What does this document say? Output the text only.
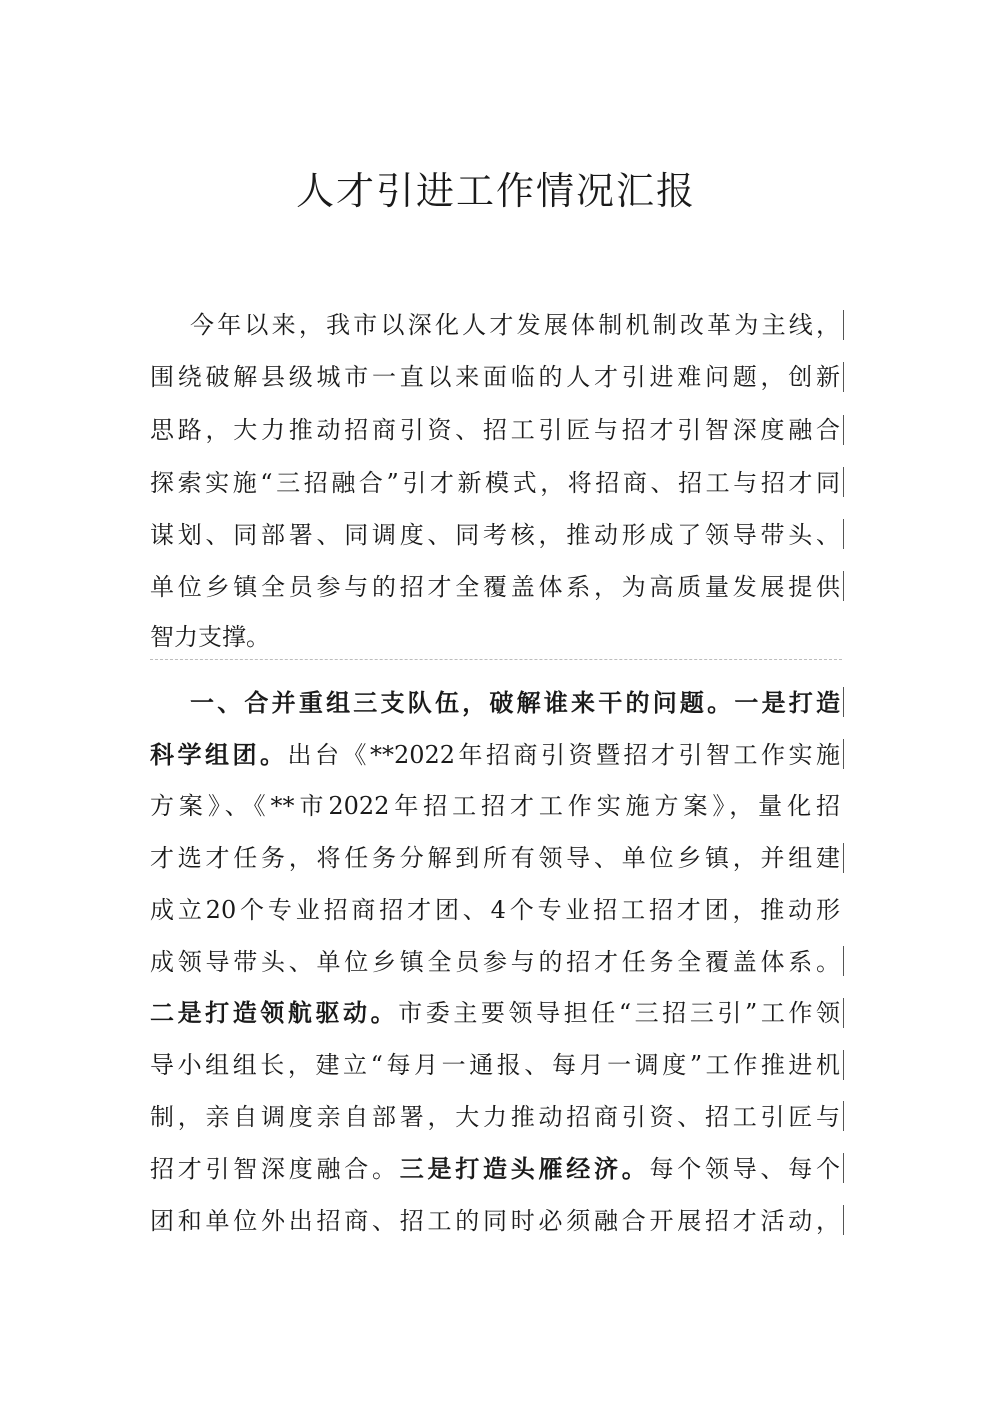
人才引进工作情况汇报
今年以来，我市以深化人才发展体制机制改革为主线，
围绕破解县级城市一直以来面临的人才引进难问题，创新
思路，大力推动招商引资、招工引匠与招才引智深度融合
探索实施“三招融合”引才新模式，将招商、招工与招才同
谋划、同部署、同调度、同考核，推动形成了领导带头、
单位乡镇全员参与的招才全覆盖体系，为高质量发展提供
智力支撑。
一、合并重组三支队伍，破解谁来干的问题。一是打造
科学组团。出台《**2022年招商引资暨招才引智工作实施
方案》、《**市2022年招工招才工作实施方案》，量化招
才选才任务，将任务分解到所有领导、单位乡镇，并组建
成立20个专业招商招才团、4个专业招工招才团，推动形
成领导带头、单位乡镇全员参与的招才任务全覆盖体系。
二是打造领航驱动。市委主要领导担任“三招三引”工作领
导小组组长，建立“每月一通报、每月一调度”工作推进机
制，亲自调度亲自部署，大力推动招商引资、招工引匠与
招才引智深度融合。三是打造头雁经济。每个领导、每个
团和单位外出招商、招工的同时必须融合开展招才活动，
